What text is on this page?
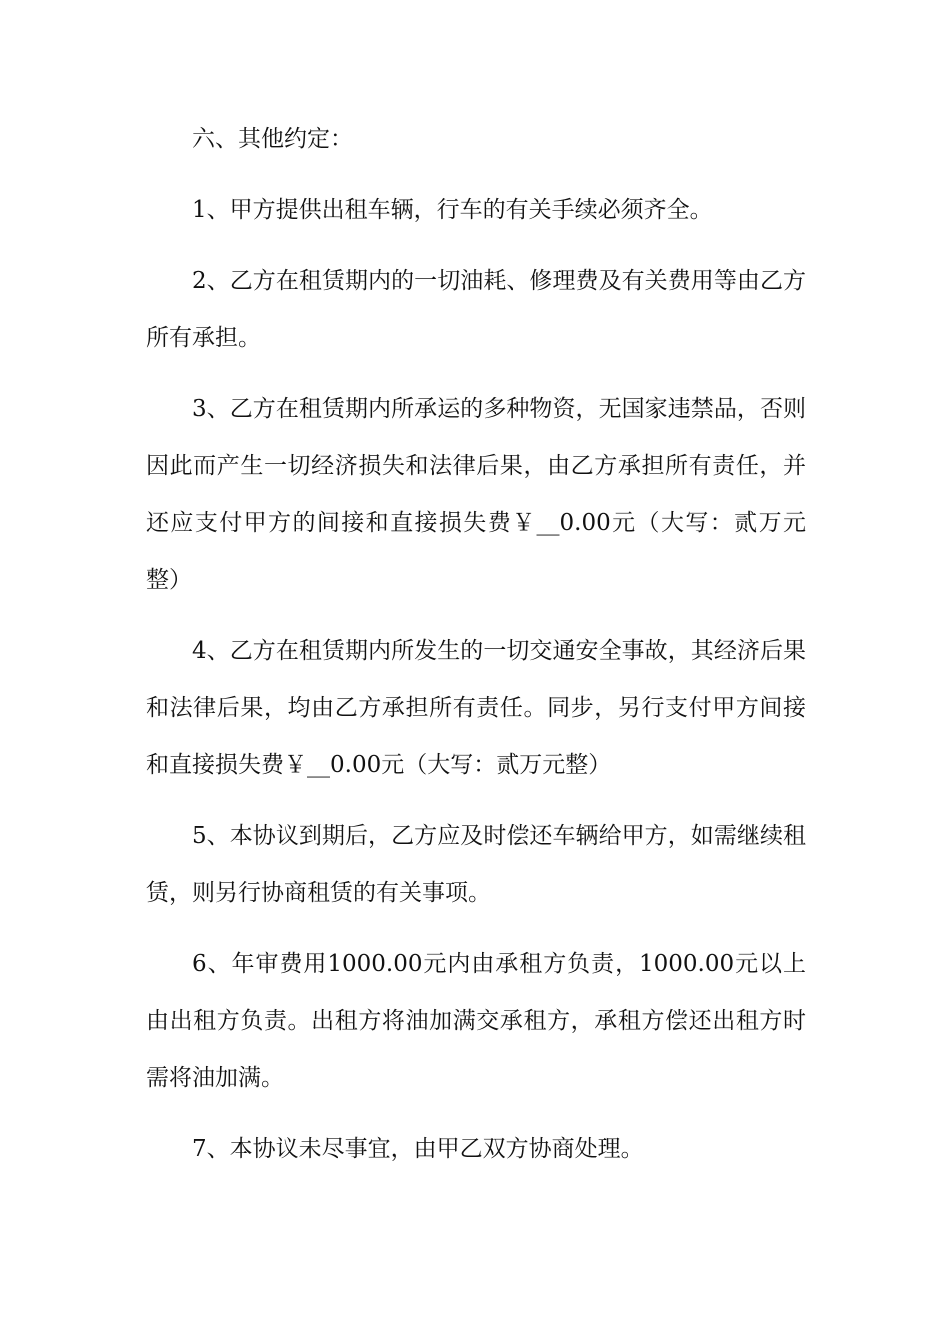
六、其他约定：

1、甲方提供出租车辆，行车的有关手续必须齐全。

2、乙方在租赁期内的一切油耗、修理费及有关费用等由乙方所有承担。

3、乙方在租赁期内所承运的多种物资，无国家违禁品，否则因此而产生一切经济损失和法律后果，由乙方承担所有责任，并还应支付甲方的间接和直接损失费￥__0.00元（大写：贰万元整）

4、乙方在租赁期内所发生的一切交通安全事故，其经济后果和法律后果，均由乙方承担所有责任。同步，另行支付甲方间接和直接损失费￥__0.00元（大写：贰万元整）

5、本协议到期后，乙方应及时偿还车辆给甲方，如需继续租赁，则另行协商租赁的有关事项。

6、年审费用1000.00元内由承租方负责，1000.00元以上由出租方负责。出租方将油加满交承租方，承租方偿还出租方时需将油加满。

7、本协议未尽事宜，由甲乙双方协商处理。
